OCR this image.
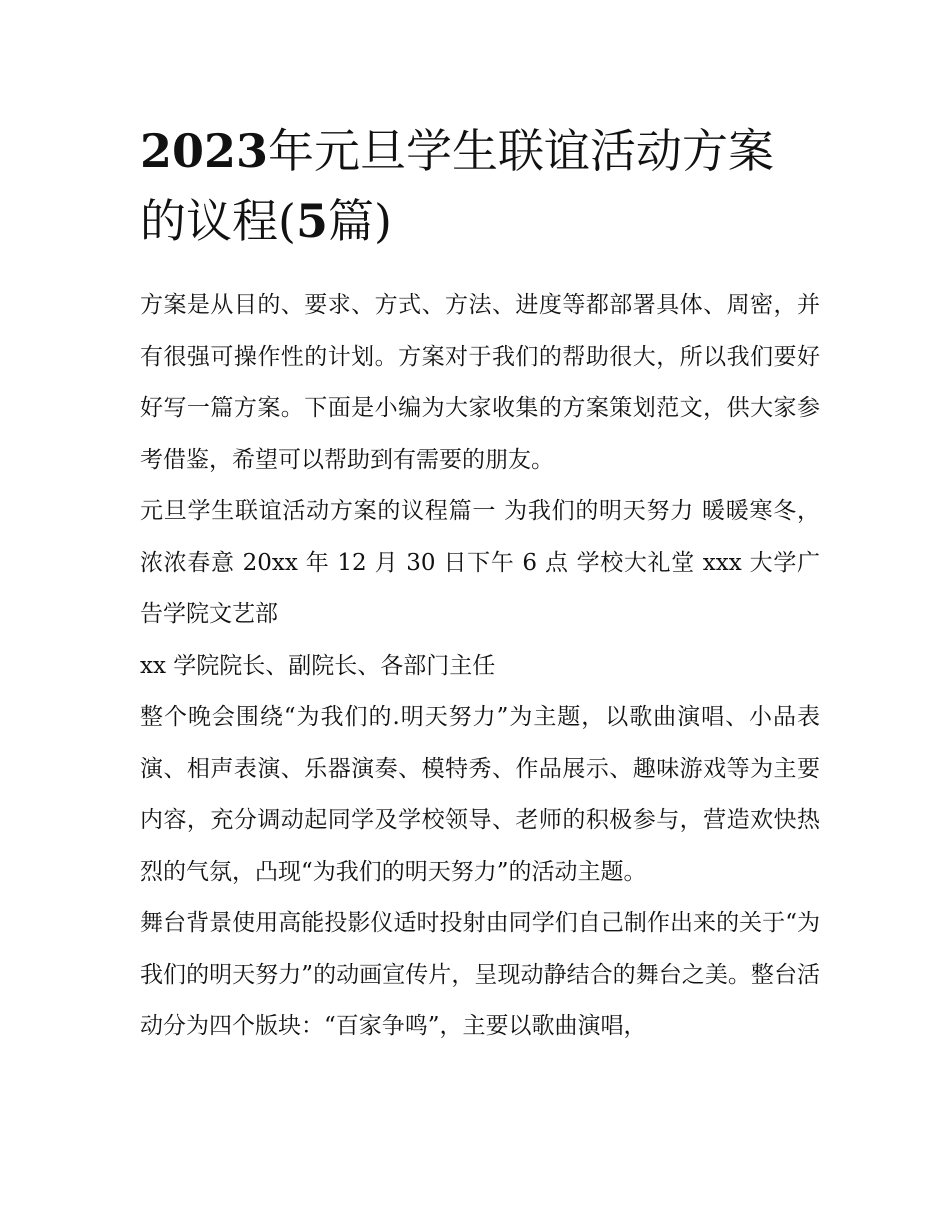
2023年元旦学生联谊活动方案的议程(5篇)

方案是从目的、要求、方式、方法、进度等都部署具体、周密，并有很强可操作性的计划。方案对于我们的帮助很大，所以我们要好好写一篇方案。下面是小编为大家收集的方案策划范文，供大家参考借鉴，希望可以帮助到有需要的朋友。

元旦学生联谊活动方案的议程篇一 为我们的明天努力 暖暖寒冬，浓浓春意 20xx 年 12 月 30 日下午 6 点 学校大礼堂 xxx 大学广告学院文艺部

xx 学院院长、副院长、各部门主任

整个晚会围绕“为我们的.明天努力”为主题，以歌曲演唱、小品表演、相声表演、乐器演奏、模特秀、作品展示、趣味游戏等为主要内容，充分调动起同学及学校领导、老师的积极参与，营造欢快热烈的气氛，凸现“为我们的明天努力”的活动主题。

舞台背景使用高能投影仪适时投射由同学们自己制作出来的关于“为我们的明天努力”的动画宣传片，呈现动静结合的舞台之美。整台活动分为四个版块：“百家争鸣”，主要以歌曲演唱，
